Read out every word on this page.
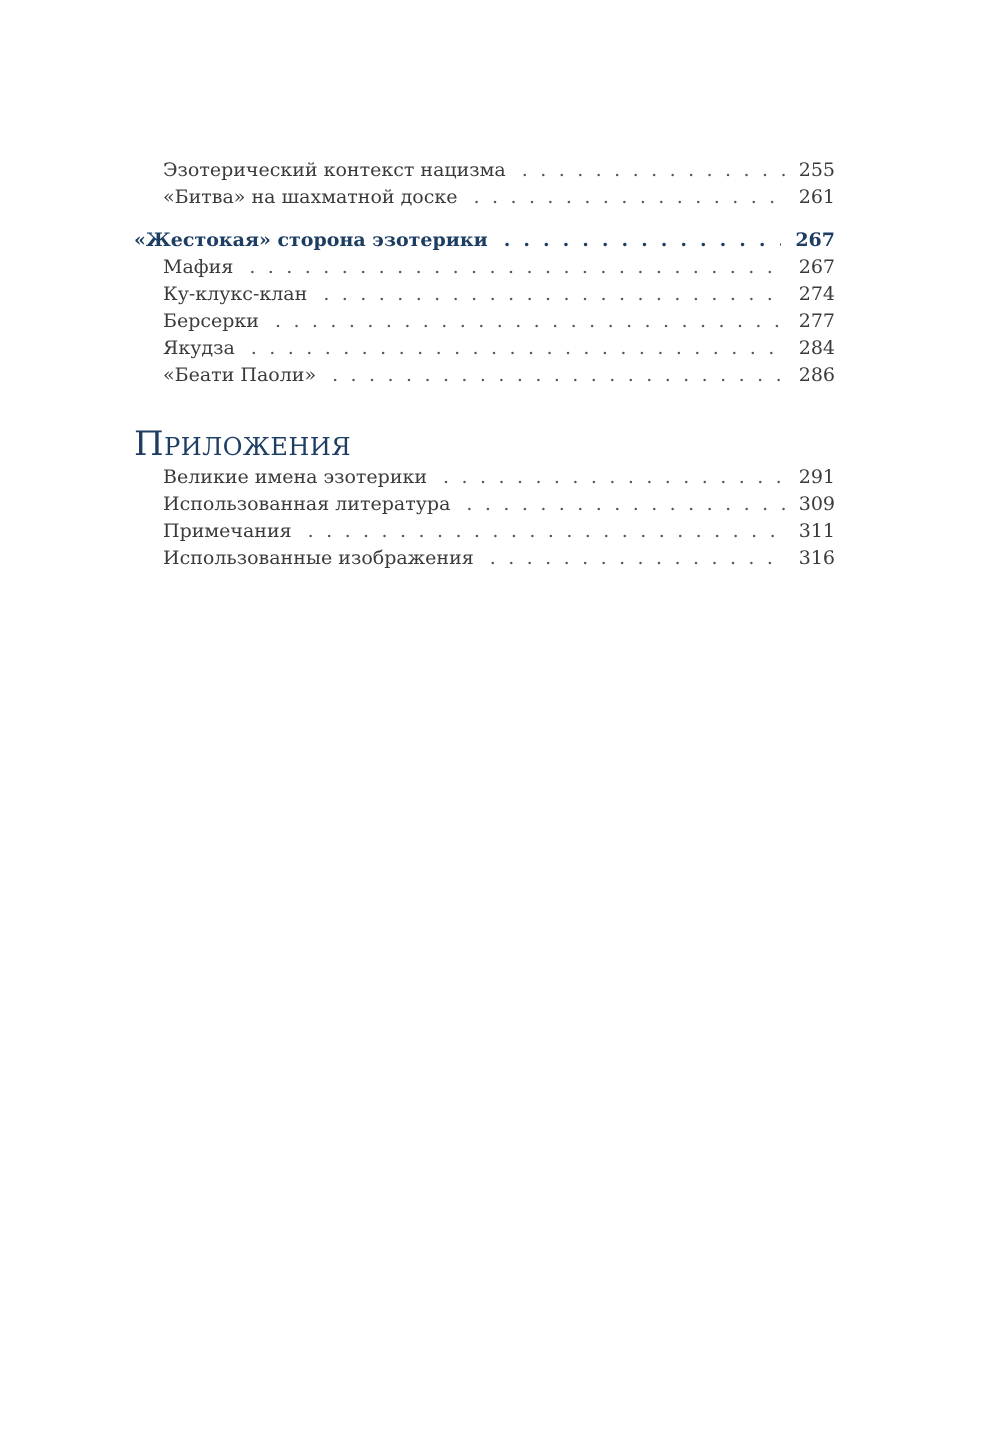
Эзотерический контекст нацизма . . .	255
«Битва» на шахматной доске . . .	261
«Жестокая» сторона эзотерики . . .	267
Мафия . . .	267
Ку-клукс-клан . . .	274
Берсерки . . .	277
Якудза . . .	284
«Беати Паоли» . . .	286
Приложения
Великие имена эзотерики . . .	291
Использованная литература . . .	309
Примечания . . .	311
Использованные изображения . . .	316
